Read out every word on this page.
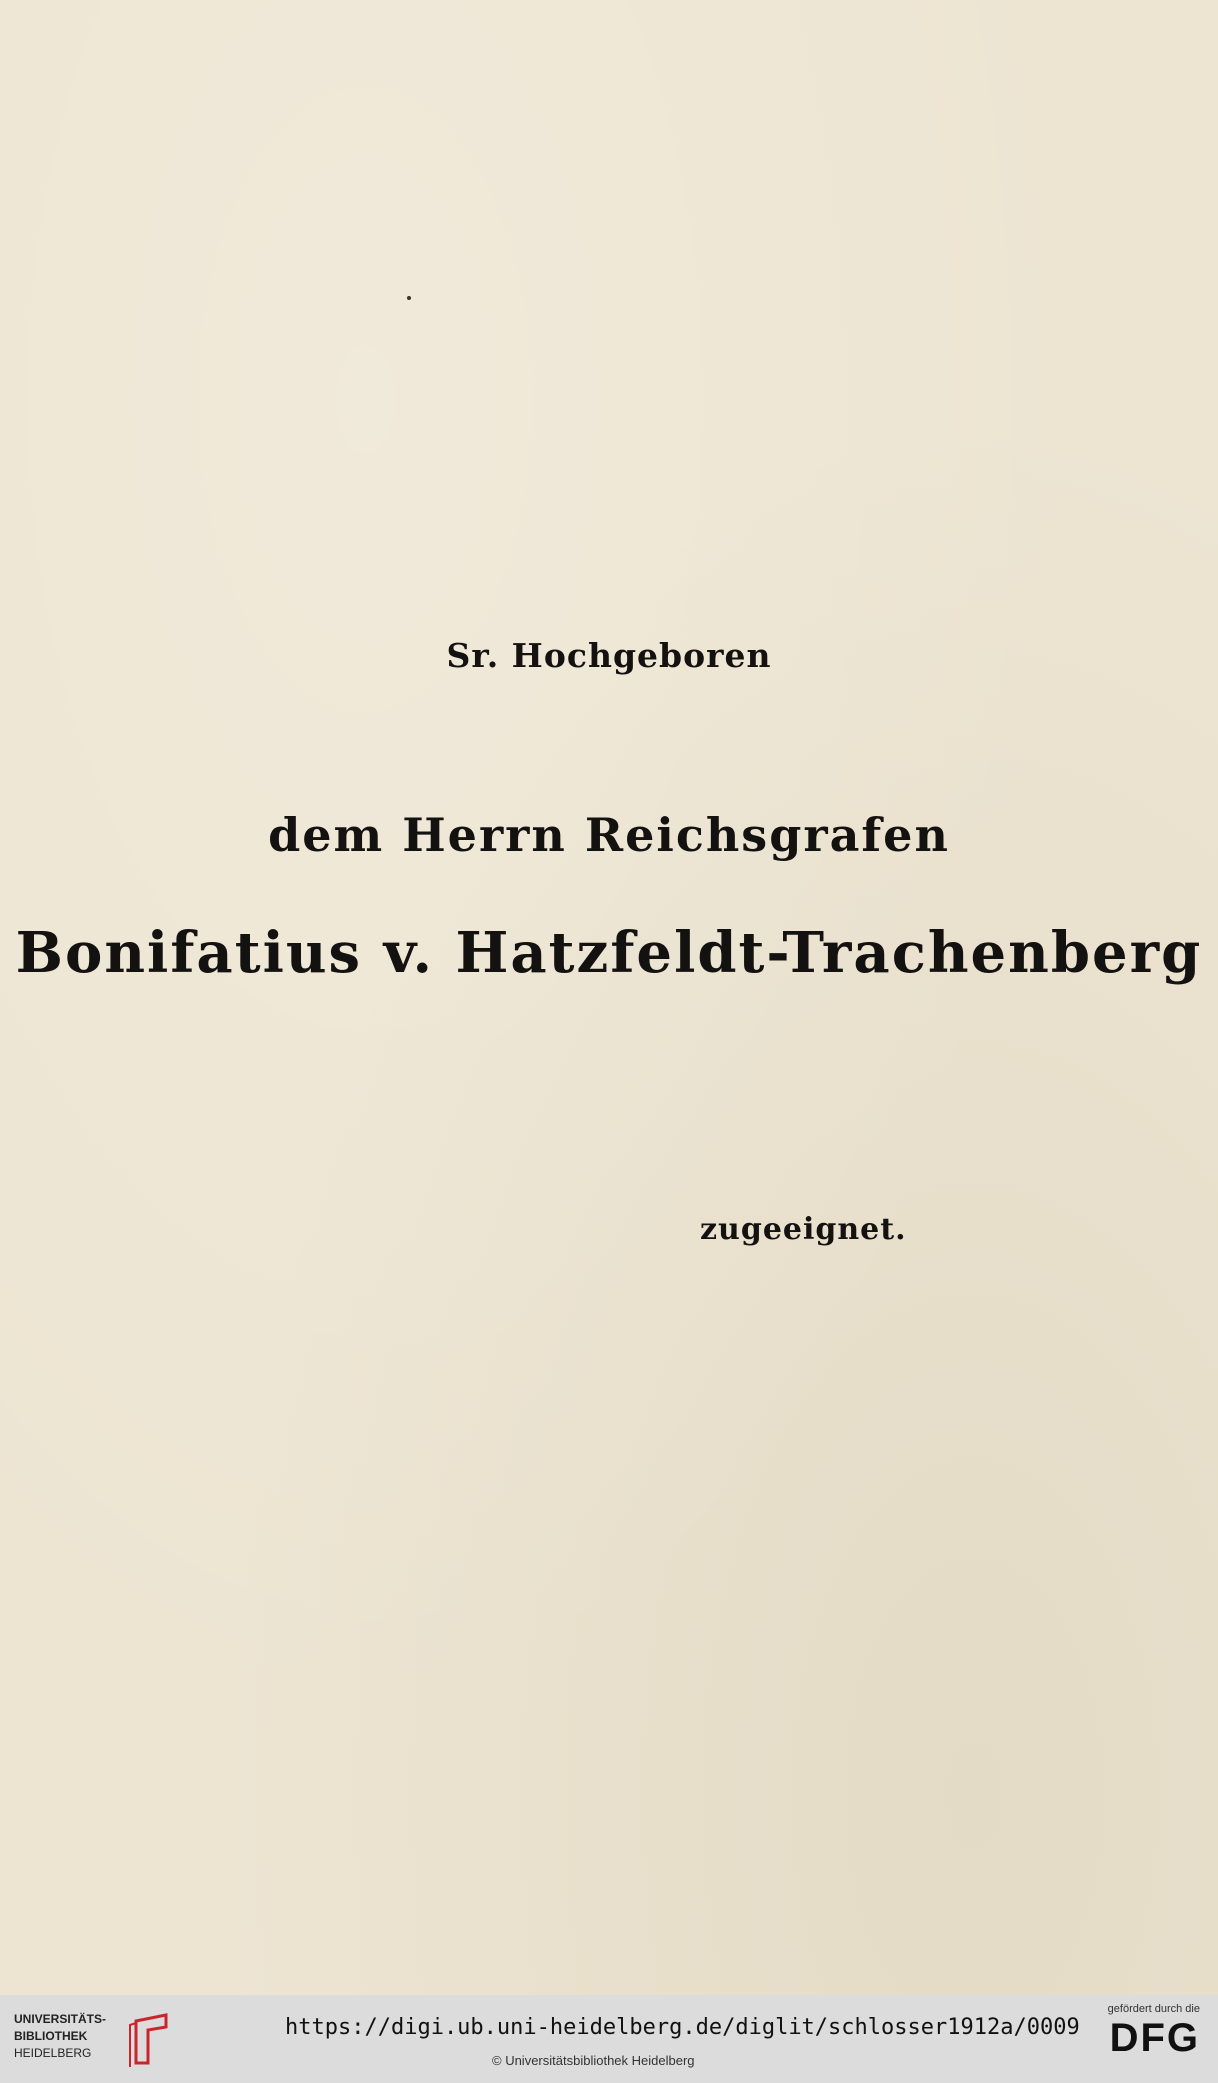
Sr. Hochgeboren
dem Herrn Reichsgrafen
Bonifatius v. Hatzfeldt-Trachenberg
zugeeignet.
UNIVERSITÄTS-
BIBLIOTHEK
HEIDELBERG
https://digi.ub.uni-heidelberg.de/diglit/schlosser1912a/0009
© Universitätsbibliothek Heidelberg
gefördert durch die
DFG
